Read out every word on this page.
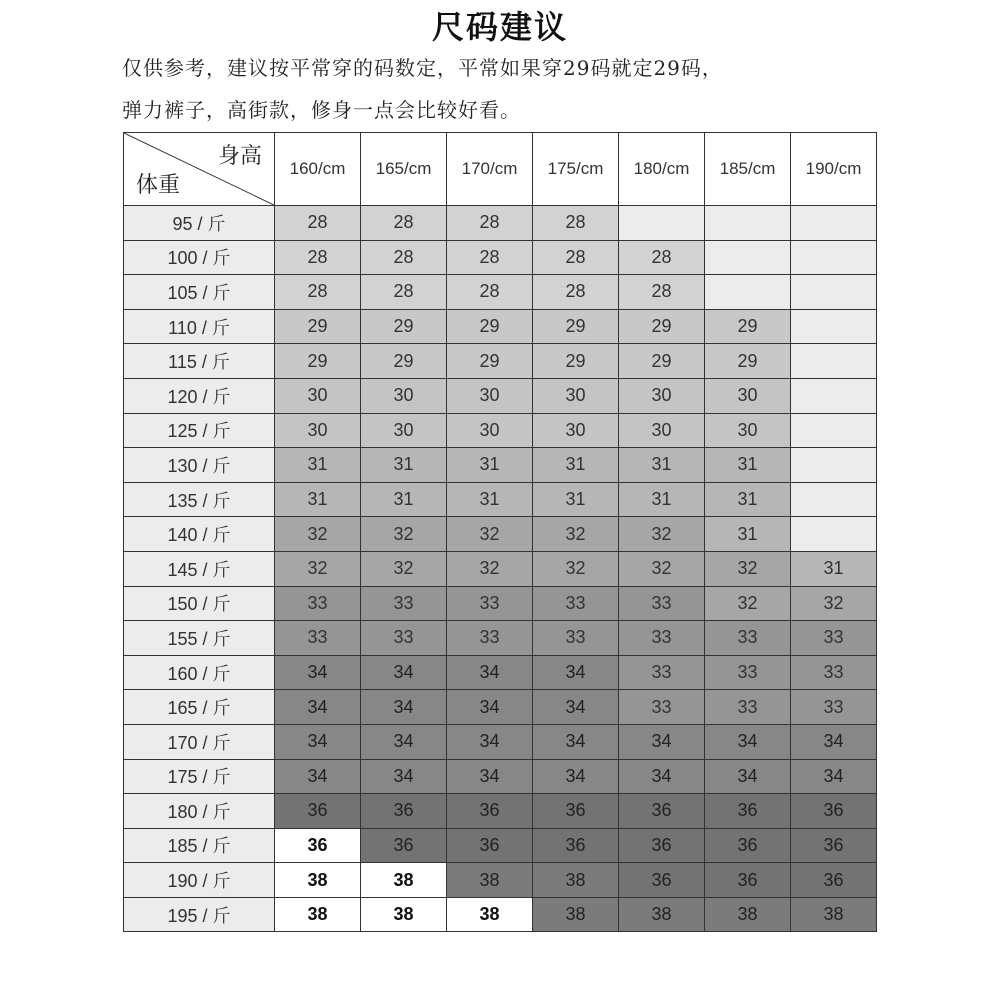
尺码建议
仅供参考，建议按平常穿的码数定，平常如果穿29码就定29码，
弹力裤子，高街款，修身一点会比较好看。
身高
体重	160/cm	165/cm	170/cm	175/cm	180/cm	185/cm	190/cm
95 / 斤	28	28	28	28			
100 / 斤	28	28	28	28	28		
105 / 斤	28	28	28	28	28		
110 / 斤	29	29	29	29	29	29	
115 / 斤	29	29	29	29	29	29	
120 / 斤	30	30	30	30	30	30	
125 / 斤	30	30	30	30	30	30	
130 / 斤	31	31	31	31	31	31	
135 / 斤	31	31	31	31	31	31	
140 / 斤	32	32	32	32	32	31	
145 / 斤	32	32	32	32	32	32	31
150 / 斤	33	33	33	33	33	32	32
155 / 斤	33	33	33	33	33	33	33
160 / 斤	34	34	34	34	33	33	33
165 / 斤	34	34	34	34	33	33	33
170 / 斤	34	34	34	34	34	34	34
175 / 斤	34	34	34	34	34	34	34
180 / 斤	36	36	36	36	36	36	36
185 / 斤	36	36	36	36	36	36	36
190 / 斤	38	38	38	38	36	36	36
195 / 斤	38	38	38	38	38	38	38
